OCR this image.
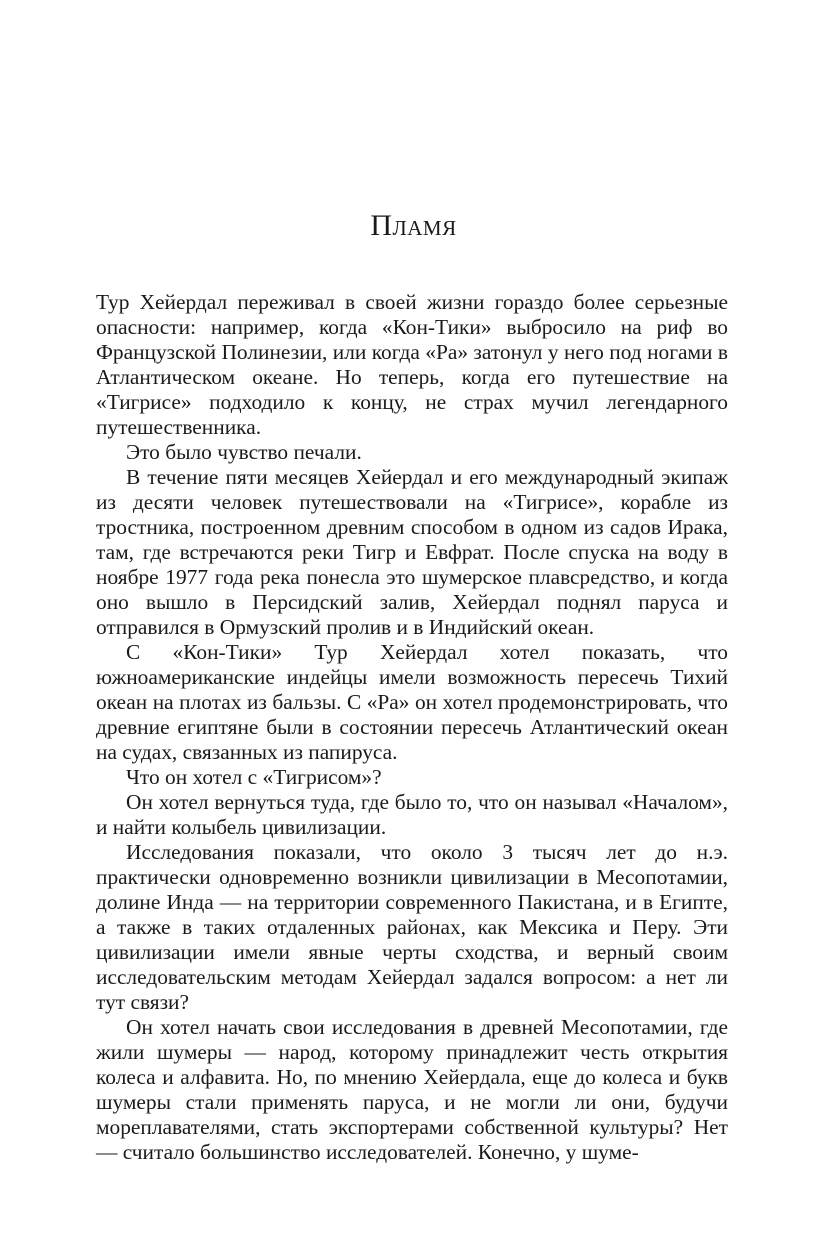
Пламя

Тур Хейердал переживал в своей жизни гораздо более серьезные опасности: например, когда «Кон-Тики» выбросило на риф во Французской Полинезии, или когда «Ра» затонул у него под ногами в Атлантическом океане. Но теперь, когда его путешествие на «Тигрисе» подходило к концу, не страх мучил легендарного путешественника.

Это было чувство печали.

В течение пяти месяцев Хейердал и его международный экипаж из десяти человек путешествовали на «Тигрисе», корабле из тростника, построенном древним способом в одном из садов Ирака, там, где встречаются реки Тигр и Евфрат. После спуска на воду в ноябре 1977 года река понесла это шумерское плавсредство, и когда оно вышло в Персидский залив, Хейердал поднял паруса и отправился в Ормузский пролив и в Индийский океан.

С «Кон-Тики» Тур Хейердал хотел показать, что южноамериканские индейцы имели возможность пересечь Тихий океан на плотах из бальзы. С «Ра» он хотел продемонстрировать, что древние египтяне были в состоянии пересечь Атлантический океан на судах, связанных из папируса.

Что он хотел с «Тигрисом»?

Он хотел вернуться туда, где было то, что он называл «Началом», и найти колыбель цивилизации.

Исследования показали, что около 3 тысяч лет до н.э. практически одновременно возникли цивилизации в Месопотамии, долине Инда — на территории современного Пакистана, и в Египте, а также в таких отдаленных районах, как Мексика и Перу. Эти цивилизации имели явные черты сходства, и верный своим исследовательским методам Хейердал задался вопросом: а нет ли тут связи?

Он хотел начать свои исследования в древней Месопотамии, где жили шумеры — народ, которому принадлежит честь открытия колеса и алфавита. Но, по мнению Хейердала, еще до колеса и букв шумеры стали применять паруса, и не могли ли они, будучи мореплавателями, стать экспортерами собственной культуры? Нет — считало большинство исследователей. Конечно, у шуме-
